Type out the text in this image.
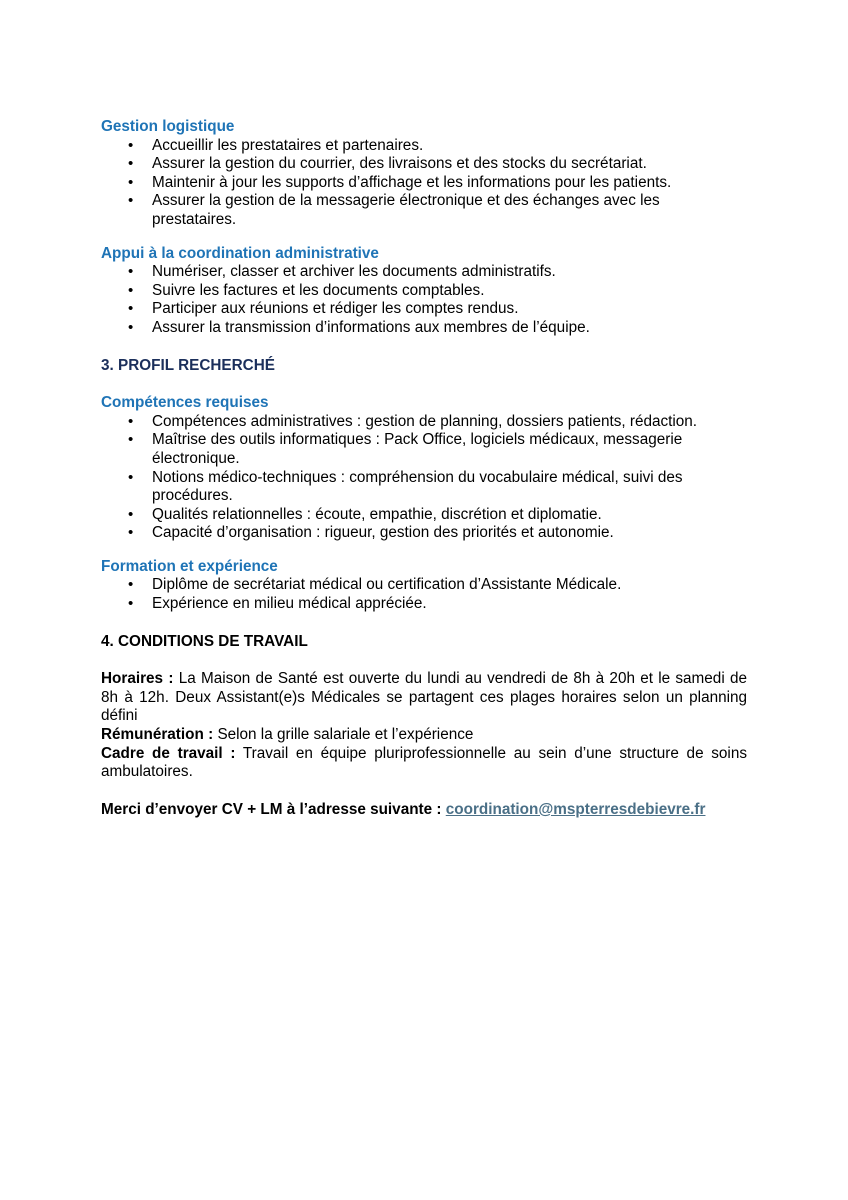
Gestion logistique

• Accueillir les prestataires et partenaires.
• Assurer la gestion du courrier, des livraisons et des stocks du secrétariat.
• Maintenir à jour les supports d’affichage et les informations pour les patients.
• Assurer la gestion de la messagerie électronique et des échanges avec les prestataires.

Appui à la coordination administrative

• Numériser, classer et archiver les documents administratifs.
• Suivre les factures et les documents comptables.
• Participer aux réunions et rédiger les comptes rendus.
• Assurer la transmission d’informations aux membres de l’équipe.

3. PROFIL RECHERCHÉ

Compétences requises

• Compétences administratives : gestion de planning, dossiers patients, rédaction.
• Maîtrise des outils informatiques : Pack Office, logiciels médicaux, messagerie électronique.
• Notions médico-techniques : compréhension du vocabulaire médical, suivi des procédures.
• Qualités relationnelles : écoute, empathie, discrétion et diplomatie.
• Capacité d’organisation : rigueur, gestion des priorités et autonomie.

Formation et expérience

• Diplôme de secrétariat médical ou certification d’Assistante Médicale.
• Expérience en milieu médical appréciée.

4. CONDITIONS DE TRAVAIL

Horaires : La Maison de Santé est ouverte du lundi au vendredi de 8h à 20h et le samedi de 8h à 12h. Deux Assistant(e)s Médicales se partagent ces plages horaires selon un planning défini

Rémunération : Selon la grille salariale et l’expérience

Cadre de travail : Travail en équipe pluriprofessionnelle au sein d’une structure de soins ambulatoires.

Merci d’envoyer CV + LM à l’adresse suivante : coordination@mspterresdebievre.fr
